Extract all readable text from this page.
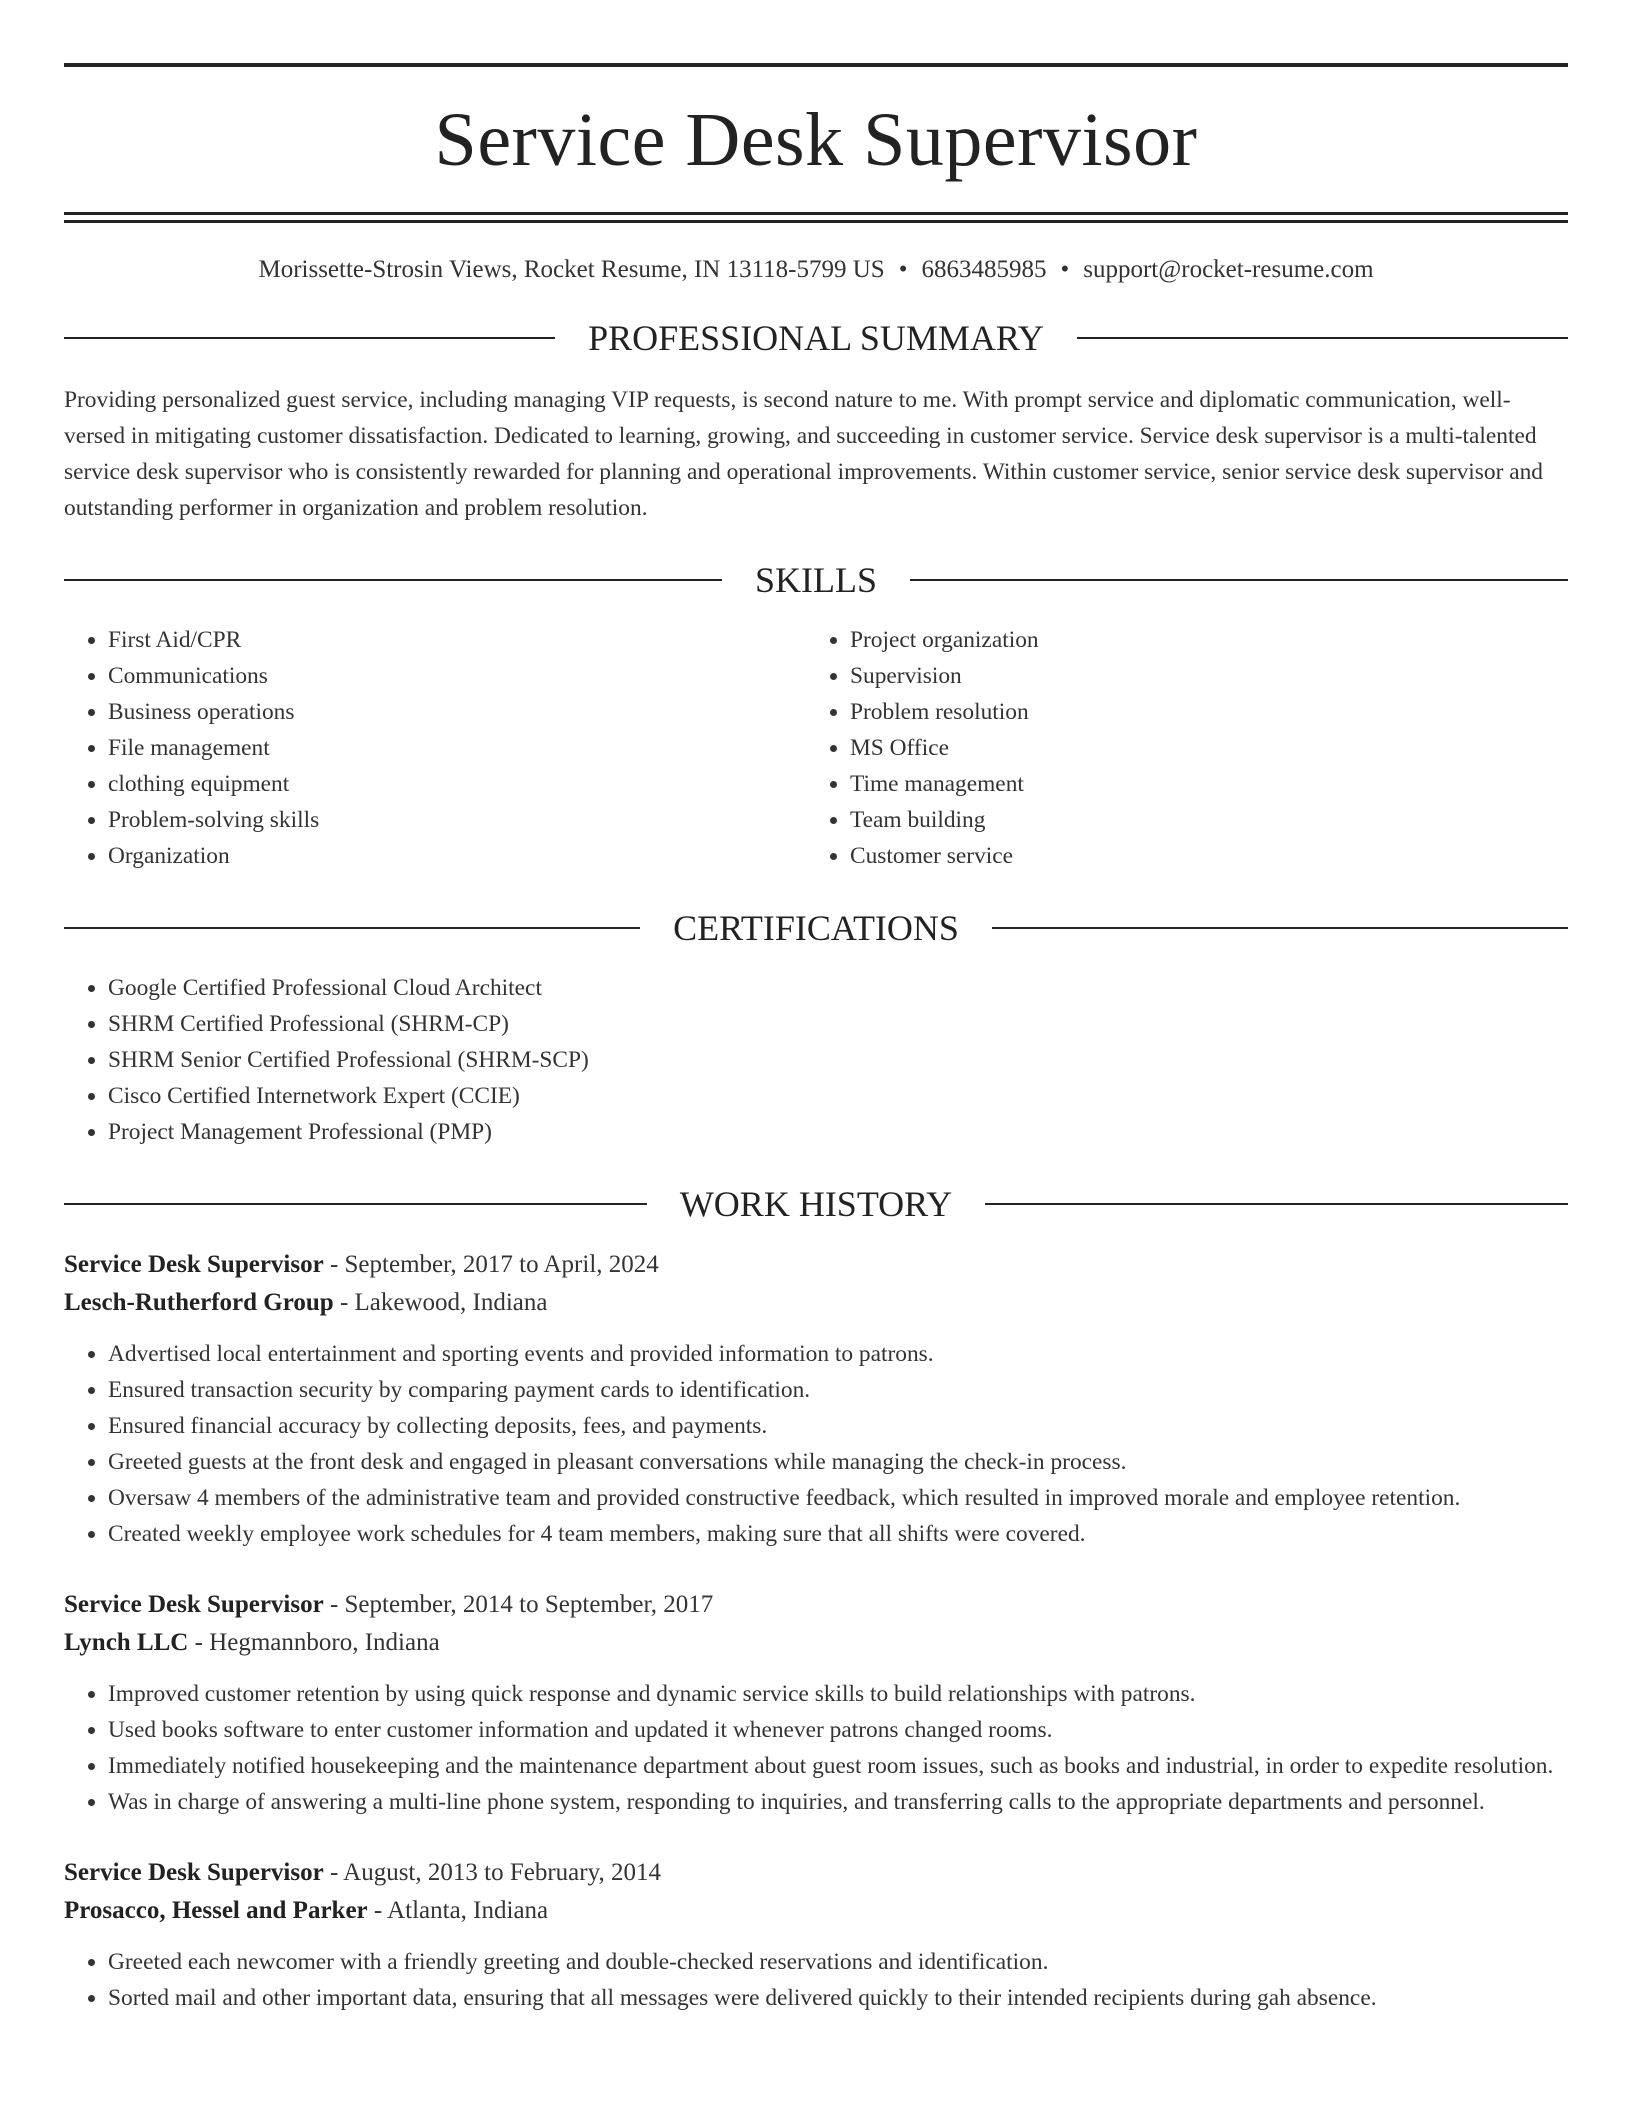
Service Desk Supervisor
Morissette-Strosin Views, Rocket Resume, IN 13118-5799 US • 6863485985 • support@rocket-resume.com
PROFESSIONAL SUMMARY

Providing personalized guest service, including managing VIP requests, is second nature to me. With prompt service and diplomatic communication, well-versed in mitigating customer dissatisfaction. Dedicated to learning, growing, and succeeding in customer service. Service desk supervisor is a multi-talented service desk supervisor who is consistently rewarded for planning and operational improvements. Within customer service, senior service desk supervisor and outstanding performer in organization and problem resolution.

SKILLS
• First Aid/CPR
• Communications
• Business operations
• File management
• clothing equipment
• Problem-solving skills
• Organization
• Project organization
• Supervision
• Problem resolution
• MS Office
• Time management
• Team building
• Customer service
CERTIFICATIONS
• Google Certified Professional Cloud Architect
• SHRM Certified Professional (SHRM-CP)
• SHRM Senior Certified Professional (SHRM-SCP)
• Cisco Certified Internetwork Expert (CCIE)
• Project Management Professional (PMP)
WORK HISTORY
Service Desk Supervisor - September, 2017 to April, 2024
Lesch-Rutherford Group - Lakewood, Indiana
• Advertised local entertainment and sporting events and provided information to patrons.
• Ensured transaction security by comparing payment cards to identification.
• Ensured financial accuracy by collecting deposits, fees, and payments.
• Greeted guests at the front desk and engaged in pleasant conversations while managing the check-in process.
• Oversaw 4 members of the administrative team and provided constructive feedback, which resulted in improved morale and employee retention.
• Created weekly employee work schedules for 4 team members, making sure that all shifts were covered.
Service Desk Supervisor - September, 2014 to September, 2017
Lynch LLC - Hegmannboro, Indiana
• Improved customer retention by using quick response and dynamic service skills to build relationships with patrons.
• Used books software to enter customer information and updated it whenever patrons changed rooms.
• Immediately notified housekeeping and the maintenance department about guest room issues, such as books and industrial, in order to expedite resolution.
• Was in charge of answering a multi-line phone system, responding to inquiries, and transferring calls to the appropriate departments and personnel.
Service Desk Supervisor - August, 2013 to February, 2014
Prosacco, Hessel and Parker - Atlanta, Indiana
• Greeted each newcomer with a friendly greeting and double-checked reservations and identification.
• Sorted mail and other important data, ensuring that all messages were delivered quickly to their intended recipients during gah absence.
